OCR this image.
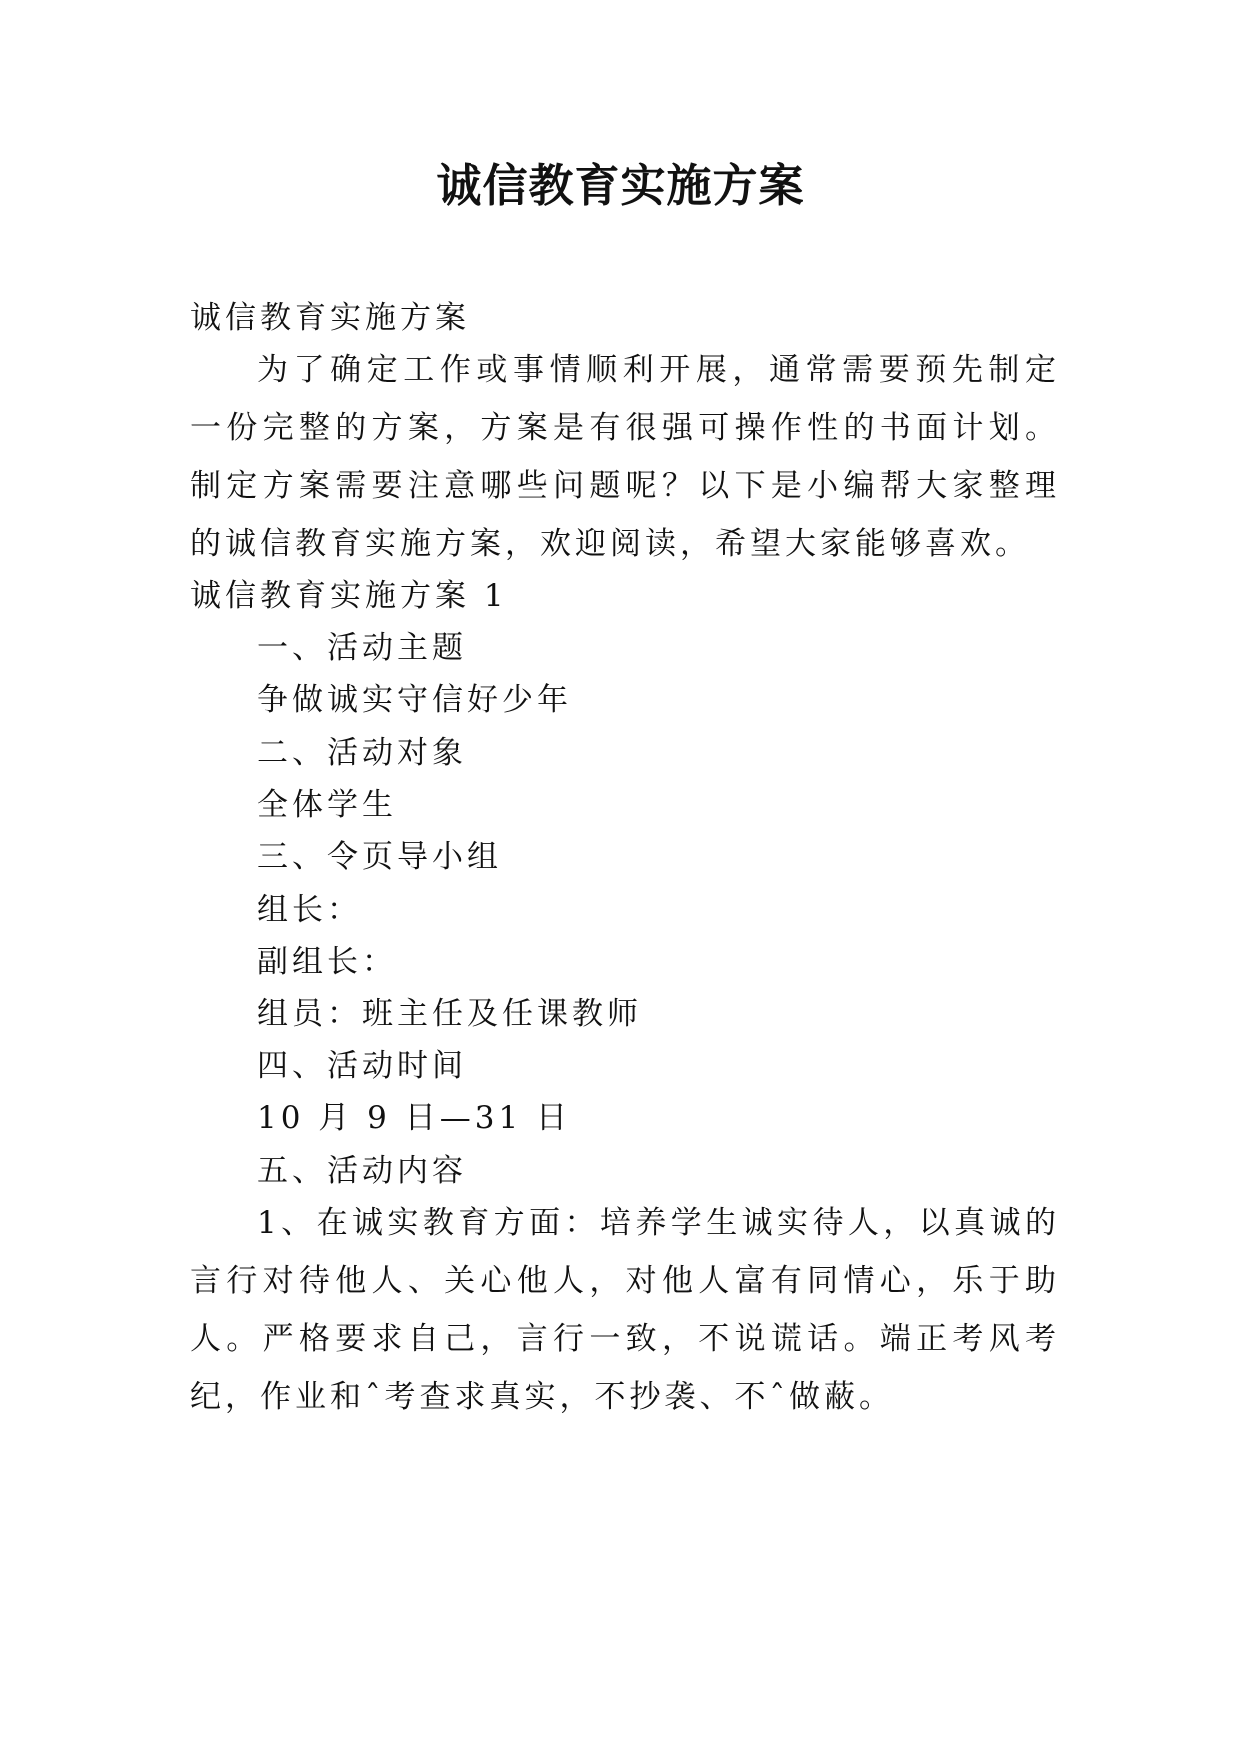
诚信教育实施方案

诚信教育实施方案

为了确定工作或事情顺利开展，通常需要预先制定一份完整的方案，方案是有很强可操作性的书面计划。制定方案需要注意哪些问题呢？以下是小编帮大家整理的诚信教育实施方案，欢迎阅读，希望大家能够喜欢。

诚信教育实施方案 1

一、活动主题

争做诚实守信好少年

二、活动对象

全体学生

三、令页导小组

组长：

副组长：

组员：班主任及任课教师

四、活动时间

10 月 9 日—31 日

五、活动内容

1、在诚实教育方面：培养学生诚实待人，以真诚的言行对待他人、关心他人，对他人富有同情心，乐于助人。严格要求自己，言行一致，不说谎话。端正考风考纪，作业和ˆ考查求真实，不抄袭、不ˆ做蔽。
